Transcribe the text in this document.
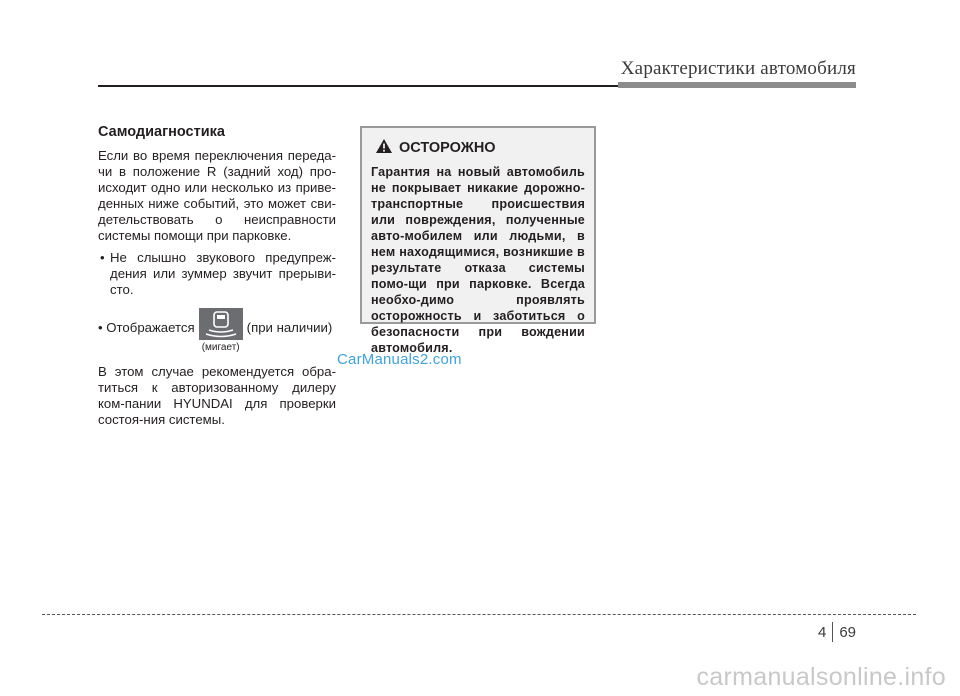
Характеристики автомобиля
Самодиагностика

Если во время переключения переда-чи в положение R (задний ход) про-исходит одно или несколько из приве-денных ниже событий, это может сви-детельствовать о неисправности системы помощи при парковке.

• Не слышно звукового предупреж-дения или зуммер звучит прерыви-сто.
• Отображается
(мигает)
(при наличии)

В этом случае рекомендуется обра-титься к авторизованному дилеру ком-пании HYUNDAI для проверки состоя-ния системы.

ОСТОРОЖНО
Гарантия на новый автомобиль не покрывает никакие дорожно-транспортные происшествия или повреждения, полученные авто-мобилем или людьми, в нем находящимися, возникшие в результате отказа системы помо-щи при парковке. Всегда необхо-димо проявлять осторожность и заботиться о безопасности при вождении автомобиля.
CarManuals2.com
4 69
carmanualsonline.info
